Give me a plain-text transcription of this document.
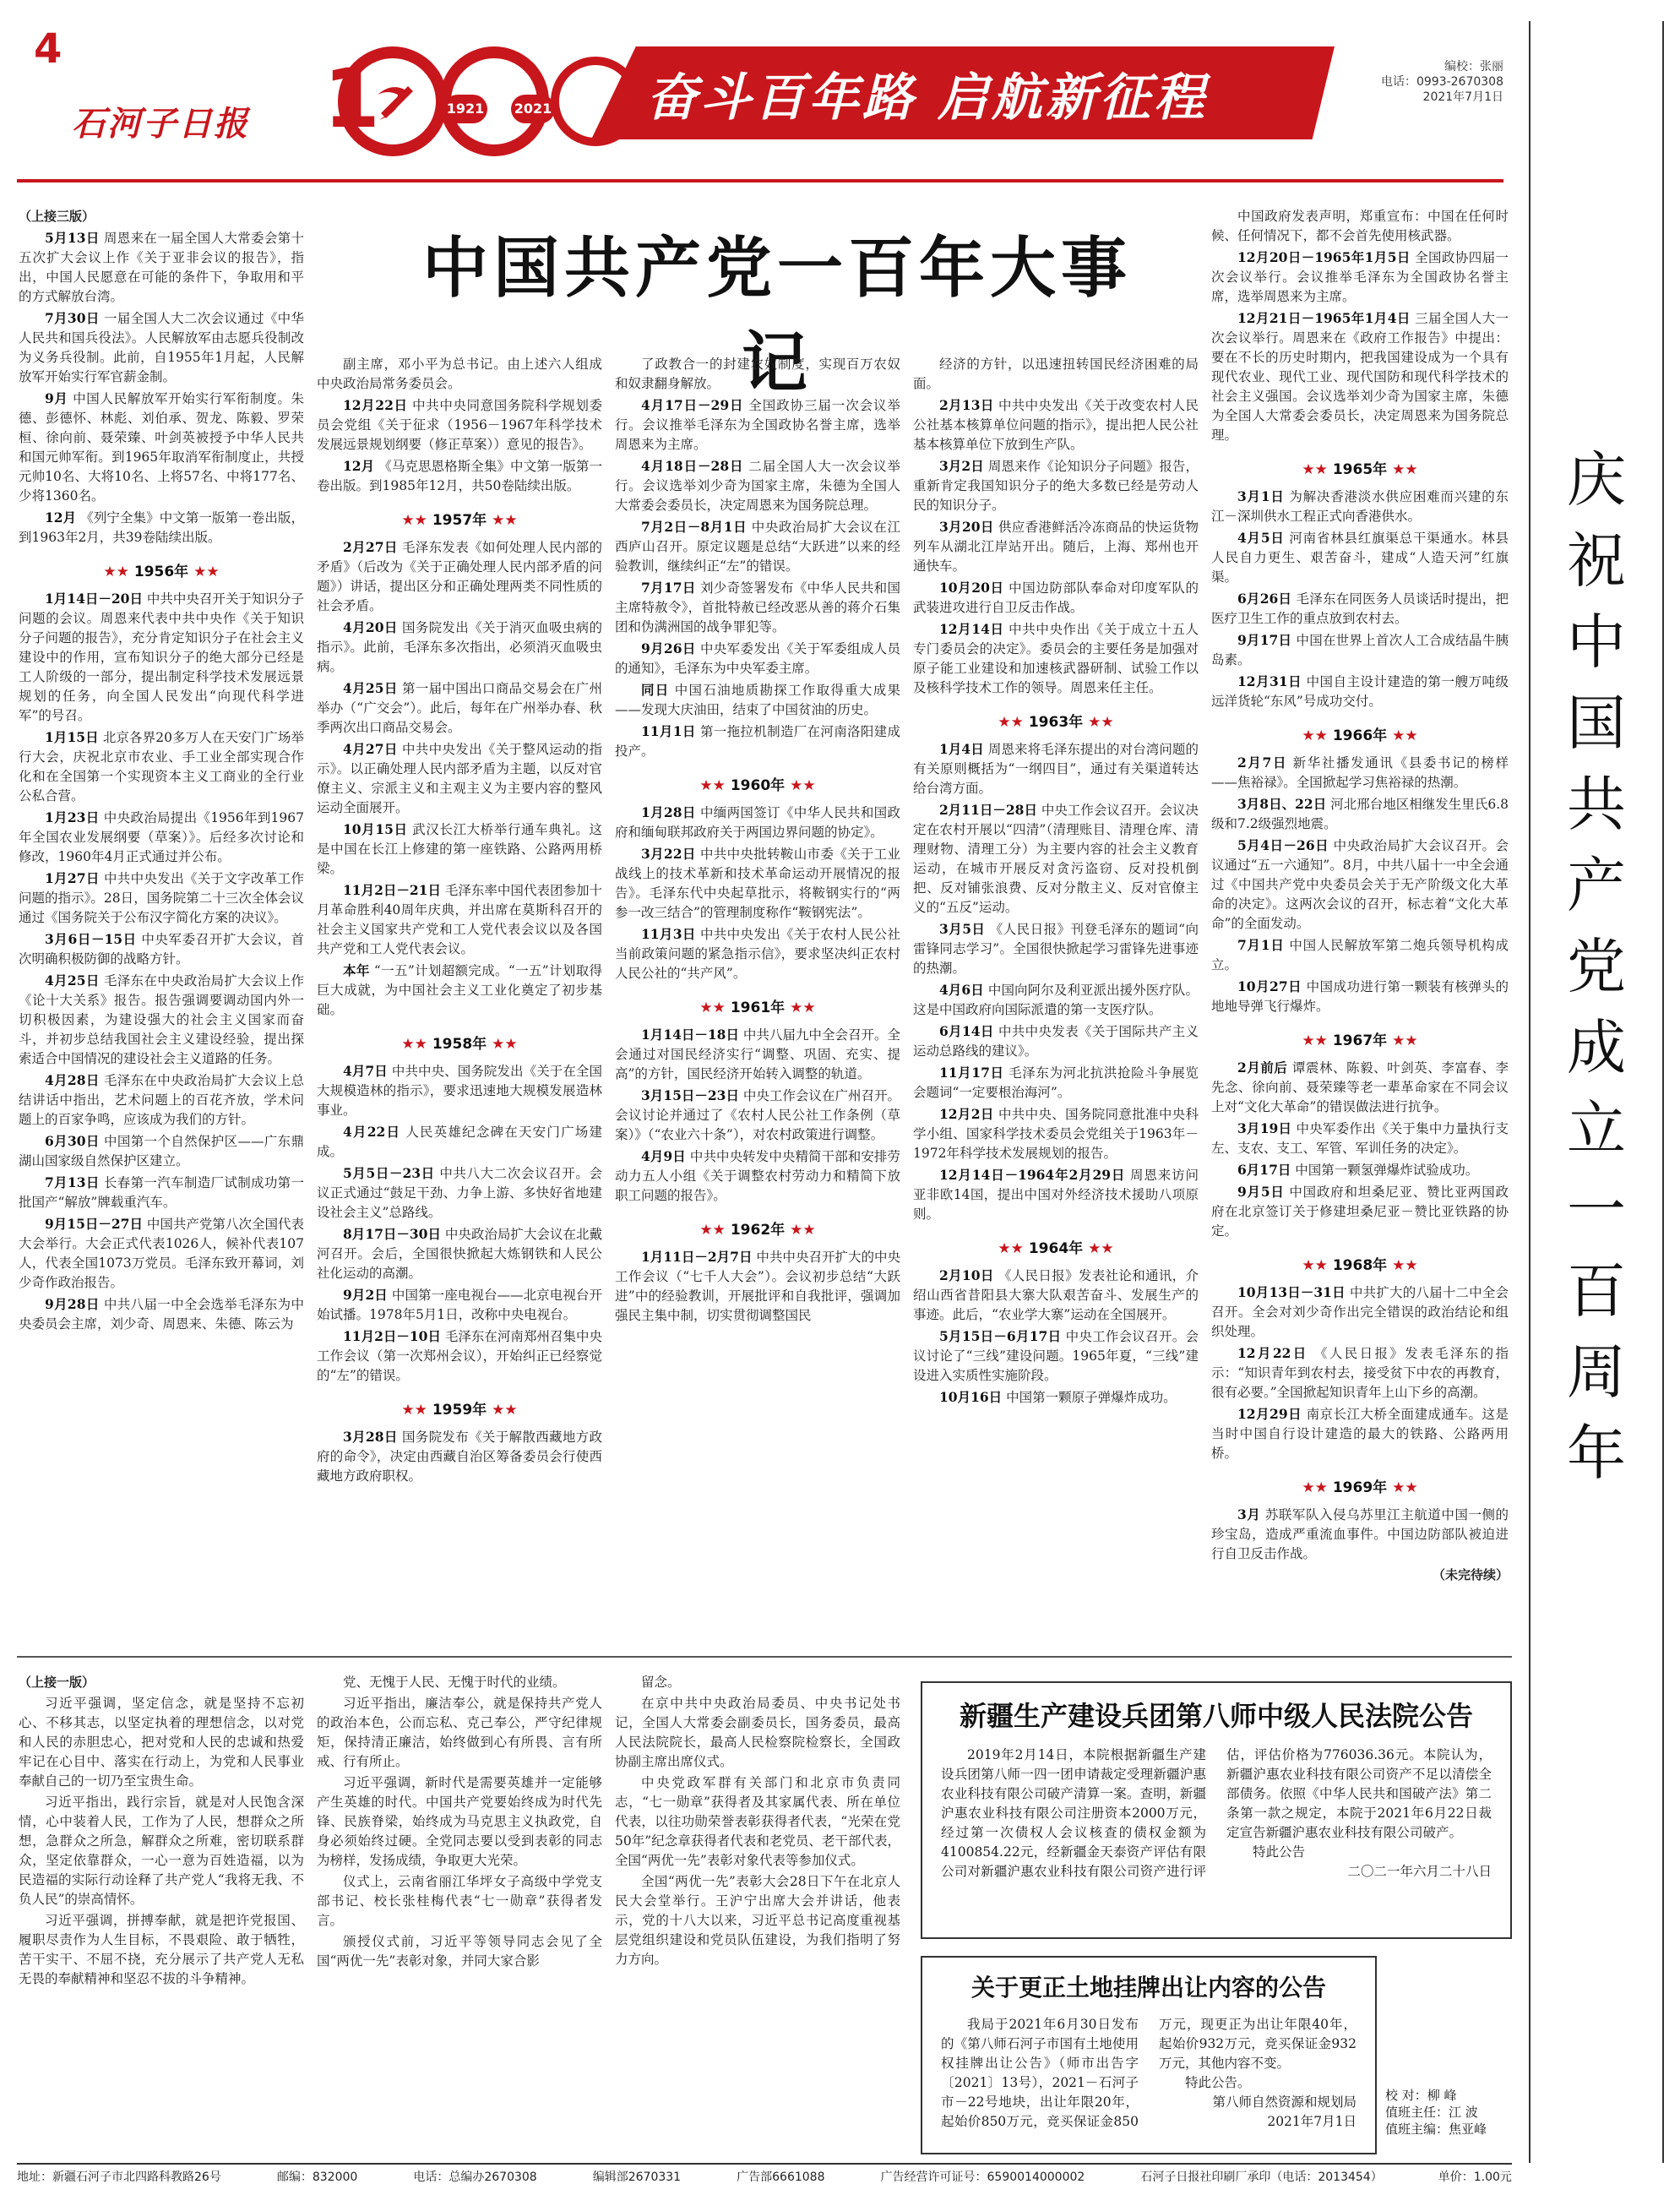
4
石河子日报 1	1921 2021 奋斗百年路 启航新征程
编校：张丽
电话：0993-2670308
2021年7月1日
庆祝中国共产党成立一百周年
中国共产党一百年大事记

（上接三版）

5月13日 周恩来在一届全国人大常委会第十五次扩大会议上作《关于亚非会议的报告》，指出，中国人民愿意在可能的条件下，争取用和平的方式解放台湾。

7月30日 一届全国人大二次会议通过《中华人民共和国兵役法》。人民解放军由志愿兵役制改为义务兵役制。此前，自1955年1月起，人民解放军开始实行军官薪金制。

9月 中国人民解放军开始实行军衔制度。朱德、彭德怀、林彪、刘伯承、贺龙、陈毅、罗荣桓、徐向前、聂荣臻、叶剑英被授予中华人民共和国元帅军衔。到1965年取消军衔制度止，共授元帅10名、大将10名、上将57名、中将177名、少将1360名。

12月 《列宁全集》中文第一版第一卷出版，到1963年2月，共39卷陆续出版。

★★ 1956年 ★★

1月14日－20日 中共中央召开关于知识分子问题的会议。周恩来代表中共中央作《关于知识分子问题的报告》，充分肯定知识分子在社会主义建设中的作用，宣布知识分子的绝大部分已经是工人阶级的一部分，提出制定科学技术发展远景规划的任务，向全国人民发出“向现代科学进军”的号召。

1月15日 北京各界20多万人在天安门广场举行大会，庆祝北京市农业、手工业全部实现合作化和在全国第一个实现资本主义工商业的全行业公私合营。

1月23日 中央政治局提出《1956年到1967年全国农业发展纲要（草案）》。后经多次讨论和修改，1960年4月正式通过并公布。

1月27日 中共中央发出《关于文字改革工作问题的指示》。28日，国务院第二十三次全体会议通过《国务院关于公布汉字简化方案的决议》。

3月6日－15日 中央军委召开扩大会议，首次明确积极防御的战略方针。

4月25日 毛泽东在中央政治局扩大会议上作《论十大关系》报告。报告强调要调动国内外一切积极因素，为建设强大的社会主义国家而奋斗，并初步总结我国社会主义建设经验，提出探索适合中国情况的建设社会主义道路的任务。

4月28日 毛泽东在中央政治局扩大会议上总结讲话中指出，艺术问题上的百花齐放，学术问题上的百家争鸣，应该成为我们的方针。

6月30日 中国第一个自然保护区——广东鼎湖山国家级自然保护区建立。

7月13日 长春第一汽车制造厂试制成功第一批国产“解放”牌载重汽车。

9月15日－27日 中国共产党第八次全国代表大会举行。大会正式代表1026人，候补代表107人，代表全国1073万党员。毛泽东致开幕词，刘少奇作政治报告。

9月28日 中共八届一中全会选举毛泽东为中央委员会主席，刘少奇、周恩来、朱德、陈云为

副主席，邓小平为总书记。由上述六人组成中央政治局常务委员会。

12月22日 中共中央同意国务院科学规划委员会党组《关于征求（1956－1967年科学技术发展远景规划纲要（修正草案））意见的报告》。

12月 《马克思恩格斯全集》中文第一版第一卷出版。到1985年12月，共50卷陆续出版。

★★ 1957年 ★★

2月27日 毛泽东发表《如何处理人民内部的矛盾》（后改为《关于正确处理人民内部矛盾的问题》）讲话，提出区分和正确处理两类不同性质的社会矛盾。

4月20日 国务院发出《关于消灭血吸虫病的指示》。此前，毛泽东多次指出，必须消灭血吸虫病。

4月25日 第一届中国出口商品交易会在广州举办（“广交会”）。此后，每年在广州举办春、秋季两次出口商品交易会。

4月27日 中共中央发出《关于整风运动的指示》。以正确处理人民内部矛盾为主题，以反对官僚主义、宗派主义和主观主义为主要内容的整风运动全面展开。

10月15日 武汉长江大桥举行通车典礼。这是中国在长江上修建的第一座铁路、公路两用桥梁。

11月2日－21日 毛泽东率中国代表团参加十月革命胜利40周年庆典，并出席在莫斯科召开的社会主义国家共产党和工人党代表会议以及各国共产党和工人党代表会议。

本年 “一五”计划超额完成。“一五”计划取得巨大成就，为中国社会主义工业化奠定了初步基础。

★★ 1958年 ★★

4月7日 中共中央、国务院发出《关于在全国大规模造林的指示》，要求迅速地大规模发展造林事业。

4月22日 人民英雄纪念碑在天安门广场建成。

5月5日－23日 中共八大二次会议召开。会议正式通过“鼓足干劲、力争上游、多快好省地建设社会主义”总路线。

8月17日－30日 中央政治局扩大会议在北戴河召开。会后，全国很快掀起大炼钢铁和人民公社化运动的高潮。

9月2日 中国第一座电视台——北京电视台开始试播。1978年5月1日，改称中央电视台。

11月2日－10日 毛泽东在河南郑州召集中央工作会议（第一次郑州会议），开始纠正已经察觉的“左”的错误。

★★ 1959年 ★★

3月28日 国务院发布《关于解散西藏地方政府的命令》，决定由西藏自治区筹备委员会行使西藏地方政府职权。

了政教合一的封建农奴制度，实现百万农奴和奴隶翻身解放。

4月17日－29日 全国政协三届一次会议举行。会议推举毛泽东为全国政协名誉主席，选举周恩来为主席。

4月18日－28日 二届全国人大一次会议举行。会议选举刘少奇为国家主席，朱德为全国人大常委会委员长，决定周恩来为国务院总理。

7月2日－8月1日 中央政治局扩大会议在江西庐山召开。原定议题是总结“大跃进”以来的经验教训，继续纠正“左”的错误。

7月17日 刘少奇签署发布《中华人民共和国主席特赦令》，首批特赦已经改恶从善的蒋介石集团和伪满洲国的战争罪犯等。

9月26日 中央军委发出《关于军委组成人员的通知》，毛泽东为中央军委主席。

同日 中国石油地质勘探工作取得重大成果——发现大庆油田，结束了中国贫油的历史。

11月1日 第一拖拉机制造厂在河南洛阳建成投产。

★★ 1960年 ★★

1月28日 中缅两国签订《中华人民共和国政府和缅甸联邦政府关于两国边界问题的协定》。

3月22日 中共中央批转鞍山市委《关于工业战线上的技术革新和技术革命运动开展情况的报告》。毛泽东代中央起草批示，将鞍钢实行的“两参一改三结合”的管理制度称作“鞍钢宪法”。

11月3日 中共中央发出《关于农村人民公社当前政策问题的紧急指示信》，要求坚决纠正农村人民公社的“共产风”。

★★ 1961年 ★★

1月14日－18日 中共八届九中全会召开。全会通过对国民经济实行“调整、巩固、充实、提高”的方针，国民经济开始转入调整的轨道。

3月15日－23日 中央工作会议在广州召开。会议讨论并通过了《农村人民公社工作条例（草案）》（“农业六十条”），对农村政策进行调整。

4月9日 中共中央转发中央精简干部和安排劳动力五人小组《关于调整农村劳动力和精简下放职工问题的报告》。

★★ 1962年 ★★

1月11日－2月7日 中共中央召开扩大的中央工作会议（“七千人大会”）。会议初步总结“大跃进”中的经验教训，开展批评和自我批评，强调加强民主集中制，切实贯彻调整国民

经济的方针，以迅速扭转国民经济困难的局面。

2月13日 中共中央发出《关于改变农村人民公社基本核算单位问题的指示》，提出把人民公社基本核算单位下放到生产队。

3月2日 周恩来作《论知识分子问题》报告，重新肯定我国知识分子的绝大多数已经是劳动人民的知识分子。

3月20日 供应香港鲜活冷冻商品的快运货物列车从湖北江岸站开出。随后，上海、郑州也开通快车。

10月20日 中国边防部队奉命对印度军队的武装进攻进行自卫反击作战。

12月14日 中共中央作出《关于成立十五人专门委员会的决定》。委员会的主要任务是加强对原子能工业建设和加速核武器研制、试验工作以及核科学技术工作的领导。周恩来任主任。

★★ 1963年 ★★

1月4日 周恩来将毛泽东提出的对台湾问题的有关原则概括为“一纲四目”，通过有关渠道转达给台湾方面。

2月11日－28日 中央工作会议召开。会议决定在农村开展以“四清”（清理账目、清理仓库、清理财物、清理工分）为主要内容的社会主义教育运动，在城市开展反对贪污盗窃、反对投机倒把、反对铺张浪费、反对分散主义、反对官僚主义的“五反”运动。

3月5日 《人民日报》刊登毛泽东的题词“向雷锋同志学习”。全国很快掀起学习雷锋先进事迹的热潮。

4月6日 中国向阿尔及利亚派出援外医疗队。这是中国政府向国际派遣的第一支医疗队。

6月14日 中共中央发表《关于国际共产主义运动总路线的建议》。

11月17日 毛泽东为河北抗洪抢险斗争展览会题词“一定要根治海河”。

12月2日 中共中央、国务院同意批准中央科学小组、国家科学技术委员会党组关于1963年－1972年科学技术发展规划的报告。

12月14日－1964年2月29日 周恩来访问亚非欧14国，提出中国对外经济技术援助八项原则。

★★ 1964年 ★★

2月10日 《人民日报》发表社论和通讯，介绍山西省昔阳县大寨大队艰苦奋斗、发展生产的事迹。此后，“农业学大寨”运动在全国展开。

5月15日－6月17日 中央工作会议召开。会议讨论了“三线”建设问题。1965年夏，“三线”建设进入实质性实施阶段。

10月16日 中国第一颗原子弹爆炸成功。

中国政府发表声明，郑重宣布：中国在任何时候、任何情况下，都不会首先使用核武器。

12月20日－1965年1月5日 全国政协四届一次会议举行。会议推举毛泽东为全国政协名誉主席，选举周恩来为主席。

12月21日－1965年1月4日 三届全国人大一次会议举行。周恩来在《政府工作报告》中提出：要在不长的历史时期内，把我国建设成为一个具有现代农业、现代工业、现代国防和现代科学技术的社会主义强国。会议选举刘少奇为国家主席，朱德为全国人大常委会委员长，决定周恩来为国务院总理。

★★ 1965年 ★★

3月1日 为解决香港淡水供应困难而兴建的东江－深圳供水工程正式向香港供水。

4月5日 河南省林县红旗渠总干渠通水。林县人民自力更生、艰苦奋斗，建成“人造天河”红旗渠。

6月26日 毛泽东在同医务人员谈话时提出，把医疗卫生工作的重点放到农村去。

9月17日 中国在世界上首次人工合成结晶牛胰岛素。

12月31日 中国自主设计建造的第一艘万吨级远洋货轮“东风”号成功交付。

★★ 1966年 ★★

2月7日 新华社播发通讯《县委书记的榜样——焦裕禄》。全国掀起学习焦裕禄的热潮。

3月8日、22日 河北邢台地区相继发生里氏6.8级和7.2级强烈地震。

5月4日－26日 中央政治局扩大会议召开。会议通过“五一六通知”。8月，中共八届十一中全会通过《中国共产党中央委员会关于无产阶级文化大革命的决定》。这两次会议的召开，标志着“文化大革命”的全面发动。

7月1日 中国人民解放军第二炮兵领导机构成立。

10月27日 中国成功进行第一颗装有核弹头的地地导弹飞行爆炸。

★★ 1967年 ★★

2月前后 谭震林、陈毅、叶剑英、李富春、李先念、徐向前、聂荣臻等老一辈革命家在不同会议上对“文化大革命”的错误做法进行抗争。

3月19日 中央军委作出《关于集中力量执行支左、支农、支工、军管、军训任务的决定》。

6月17日 中国第一颗氢弹爆炸试验成功。

9月5日 中国政府和坦桑尼亚、赞比亚两国政府在北京签订关于修建坦桑尼亚－赞比亚铁路的协定。

★★ 1968年 ★★

10月13日－31日 中共扩大的八届十二中全会召开。全会对刘少奇作出完全错误的政治结论和组织处理。

12月22日 《人民日报》发表毛泽东的指示：“知识青年到农村去，接受贫下中农的再教育，很有必要。”全国掀起知识青年上山下乡的高潮。

12月29日 南京长江大桥全面建成通车。这是当时中国自行设计建造的最大的铁路、公路两用桥。

★★ 1969年 ★★

3月 苏联军队入侵乌苏里江主航道中国一侧的珍宝岛，造成严重流血事件。中国边防部队被迫进行自卫反击作战。

（未完待续）

（上接一版）

习近平强调，坚定信念，就是坚持不忘初心、不移其志，以坚定执着的理想信念，以对党和人民的赤胆忠心，把对党和人民的忠诚和热爱牢记在心目中、落实在行动上，为党和人民事业奉献自己的一切乃至宝贵生命。

习近平指出，践行宗旨，就是对人民饱含深情，心中装着人民，工作为了人民，想群众之所想，急群众之所急，解群众之所难，密切联系群众，坚定依靠群众，一心一意为百姓造福，以为民造福的实际行动诠释了共产党人“我将无我、不负人民”的崇高情怀。

习近平强调，拼搏奉献，就是把许党报国、履职尽责作为人生目标，不畏艰险、敢于牺牲，苦干实干、不屈不挠，充分展示了共产党人无私无畏的奉献精神和坚忍不拔的斗争精神。

党、无愧于人民、无愧于时代的业绩。

习近平指出，廉洁奉公，就是保持共产党人的政治本色，公而忘私、克己奉公，严守纪律规矩，保持清正廉洁，始终做到心有所畏、言有所戒、行有所止。

习近平强调，新时代是需要英雄并一定能够产生英雄的时代。中国共产党要始终成为时代先锋、民族脊梁，始终成为马克思主义执政党，自身必须始终过硬。全党同志要以受到表彰的同志为榜样，发扬成绩，争取更大光荣。

仪式上，云南省丽江华坪女子高级中学党支部书记、校长张桂梅代表“七一勋章”获得者发言。

颁授仪式前，习近平等领导同志会见了全国“两优一先”表彰对象，并同大家合影

留念。

在京中共中央政治局委员、中央书记处书记，全国人大常委会副委员长，国务委员，最高人民法院院长，最高人民检察院检察长，全国政协副主席出席仪式。

中央党政军群有关部门和北京市负责同志，“七一勋章”获得者及其家属代表、所在单位代表，以往功勋荣誉表彰获得者代表，“光荣在党50年”纪念章获得者代表和老党员、老干部代表，全国“两优一先”表彰对象代表等参加仪式。

全国“两优一先”表彰大会28日下午在北京人民大会堂举行。王沪宁出席大会并讲话，他表示，党的十八大以来，习近平总书记高度重视基层党组织建设和党员队伍建设，为我们指明了努力方向。

新疆生产建设兵团第八师中级人民法院公告

2019年2月14日，本院根据新疆生产建设兵团第八师一四一团申请裁定受理新疆沪惠农业科技有限公司破产清算一案。查明，新疆沪惠农业科技有限公司注册资本2000万元，经过第一次债权人会议核查的债权金额为4100854.22元，经新疆金天泰资产评估有限公司对新疆沪惠农业科技有限公司资产进行评估，评估价格为776036.36元。本院认为，新疆沪惠农业科技有限公司资产不足以清偿全部债务。依照《中华人民共和国破产法》第二条第一款之规定，本院于2021年6月22日裁定宣告新疆沪惠农业科技有限公司破产。

特此公告

二〇二一年六月二十八日
关于更正土地挂牌出让内容的公告

我局于2021年6月30日发布的《第八师石河子市国有土地使用权挂牌出让公告》（师市出告字〔2021〕13号），2021－石河子市－22号地块，出让年限20年，起始价850万元，竞买保证金850万元，现更正为出让年限40年，起始价932万元，竞买保证金932万元，其他内容不变。

特此公告。

第八师自然资源和规划局
2021年7月1日
校 对：柳 峰
值班主任：江 波
值班主编：焦亚峰
地址：新疆石河子市北四路科教路26号	邮编：832000	电话：总编办2670308	编辑部2670331	广告部6661088	广告经营许可证号：6590014000002	石河子日报社印刷厂承印（电话：2013454）	单价：1.00元
